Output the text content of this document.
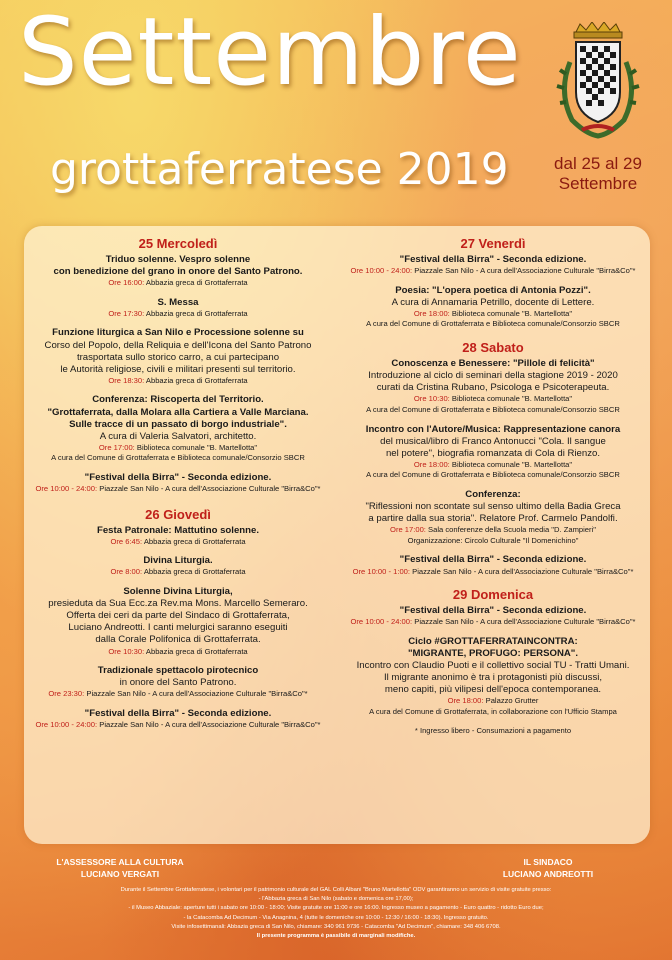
Settembre
grottaferratese 2019	dal 25 al 29
Settembre
25 Mercoledì
Triduo solenne. Vespro solenne
con benedizione del grano in onore del Santo Patrono.
Ore 16:00: Abbazia greca di Grottaferrata
S. Messa
Ore 17:30: Abbazia greca di Grottaferrata
Funzione liturgica a San Nilo e Processione solenne su
Corso del Popolo, della Reliquia e dell'Icona del Santo Patrono
trasportata sullo storico carro, a cui partecipano
le Autorità religiose, civili e militari presenti sul territorio.
Ore 18:30: Abbazia greca di Grottaferrata
Conferenza: Riscoperta del Territorio.
"Grottaferrata, dalla Molara alla Cartiera a Valle Marciana.
Sulle tracce di un passato di borgo industriale".
A cura di Valeria Salvatori, architetto.
Ore 17:00: Biblioteca comunale "B. Martellotta"
A cura del Comune di Grottaferrata e Biblioteca comunale/Consorzio SBCR
"Festival della Birra" - Seconda edizione.
Ore 10:00 - 24:00: Piazzale San Nilo - A cura dell'Associazione Culturale "Birra&Co"*
26 Giovedì
Festa Patronale: Mattutino solenne.
Ore 6:45: Abbazia greca di Grottaferrata
Divina Liturgia.
Ore 8:00: Abbazia greca di Grottaferrata
Solenne Divina Liturgia,
presieduta da Sua Ecc.za Rev.ma Mons. Marcello Semeraro.
Offerta dei ceri da parte del Sindaco di Grottaferrata,
Luciano Andreotti. I canti melurgici saranno eseguiti
dalla Corale Polifonica di Grottaferrata.
Ore 10:30: Abbazia greca di Grottaferrata
Tradizionale spettacolo pirotecnico
in onore del Santo Patrono.
Ore 23:30: Piazzale San Nilo - A cura dell'Associazione Culturale "Birra&Co"*
"Festival della Birra" - Seconda edizione.
Ore 10:00 - 24:00: Piazzale San Nilo - A cura dell'Associazione Culturale "Birra&Co"*
27 Venerdì
"Festival della Birra" - Seconda edizione.
Ore 10:00 - 24:00: Piazzale San Nilo - A cura dell'Associazione Culturale "Birra&Co"*
Poesia: "L'opera poetica di Antonia Pozzi".
A cura di Annamaria Petrillo, docente di Lettere.
Ore 18:00: Biblioteca comunale "B. Martellotta"
A cura del Comune di Grottaferrata e Biblioteca comunale/Consorzio SBCR
28 Sabato
Conoscenza e Benessere: "Pillole di felicità"
Introduzione al ciclo di seminari della stagione 2019 - 2020
curati da Cristina Rubano, Psicologa e Psicoterapeuta.
Ore 10:30: Biblioteca comunale "B. Martellotta"
A cura del Comune di Grottaferrata e Biblioteca comunale/Consorzio SBCR
Incontro con l'Autore/Musica: Rappresentazione canora
del musical/libro di Franco Antonucci "Cola. Il sangue
nel potere", biografia romanzata di Cola di Rienzo.
Ore 18:00: Biblioteca comunale "B. Martellotta"
A cura del Comune di Grottaferrata e Biblioteca comunale/Consorzio SBCR
Conferenza:
"Riflessioni non scontate sul senso ultimo della Badia Greca
a partire dalla sua storia". Relatore Prof. Carmelo Pandolfi.
Ore 17:00: Sala conferenze della Scuola media "D. Zampieri"
Organizzazione: Circolo Culturale "Il Domenichino"
"Festival della Birra" - Seconda edizione.
Ore 10:00 - 1:00: Piazzale San Nilo - A cura dell'Associazione Culturale "Birra&Co"*
29 Domenica
"Festival della Birra" - Seconda edizione.
Ore 10:00 - 24:00: Piazzale San Nilo - A cura dell'Associazione Culturale "Birra&Co"*
Ciclo #GROTTAFERRATAINCONTRA:
"MIGRANTE, PROFUGO: PERSONA".
Incontro con Claudio Puoti e il collettivo social TU - Tratti Umani.
Il migrante anonimo è tra i protagonisti più discussi,
meno capiti, più vilipesi dell'epoca contemporanea.
Ore 18:00: Palazzo Grutter
A cura del Comune di Grottaferrata, in collaborazione con l'Ufficio Stampa
* Ingresso libero - Consumazioni a pagamento
L'ASSESSORE ALLA CULTURA
LUCIANO VERGATI
IL SINDACO
LUCIANO ANDREOTTI
Durante il Settembre Grottaferratese, i volontari per il patrimonio culturale del GAL Colli Albani "Bruno Martellotta" ODV garantiranno un servizio di visite gratuite presso:
- l'Abbazia greca di San Nilo (sabato e domenica ore 17,00);
- il Museo Abbaziale: aperture tutti i sabato ore 10:00 - 18:00; Visite gratuite ore 11:00 e ore 16:00. Ingresso museo a pagamento - Euro quattro - ridotto Euro due;
- la Catacomba Ad Decimum - Via Anagnina, 4 (tutte le domeniche ore 10:00 - 12:30 / 16:00 - 18:30). Ingresso gratuito.
Visite infosettimanali: Abbazia greca di San Nilo, chiamare: 340 961 9736 - Catacomba "Ad Decimum", chiamare: 348 406 6708.
Il presente programma è passibile di marginali modifiche.
